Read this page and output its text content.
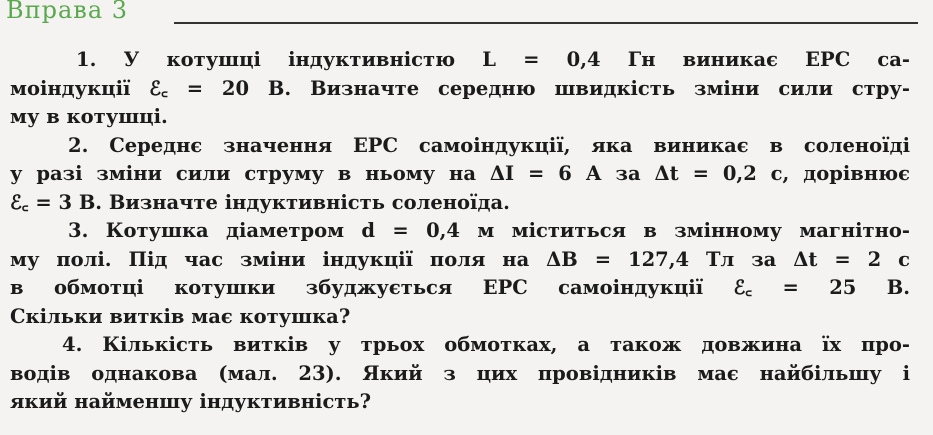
Вправа 3
1. У котушці індуктивністю L = 0,4 Гн виникає ЕРС са-
моіндукції ℰ꜀ = 20 В. Визначте середню швидкість зміни сили стру-
му в котушці.
2. Середнє значення ЕРС самоіндукції, яка виникає в соленоїді
у разі зміни сили струму в ньому на ΔI = 6 А за Δt = 0,2 с, дорівнює
ℰ꜀ = 3 В. Визначте індуктивність соленоїда.
3. Котушка діаметром d = 0,4 м міститься в змінному магнітно-
му полі. Під час зміни індукції поля на ΔB = 127,4 Тл за Δt = 2 с
в обмотці котушки збуджується ЕРС самоіндукції ℰ꜀ = 25 В.
Скільки витків має котушка?
4. Кількість витків у трьох обмотках, а також довжина їх про-
водів однакова (мал. 23). Який з цих провідників має найбільшу і
який найменшу індуктивність?
